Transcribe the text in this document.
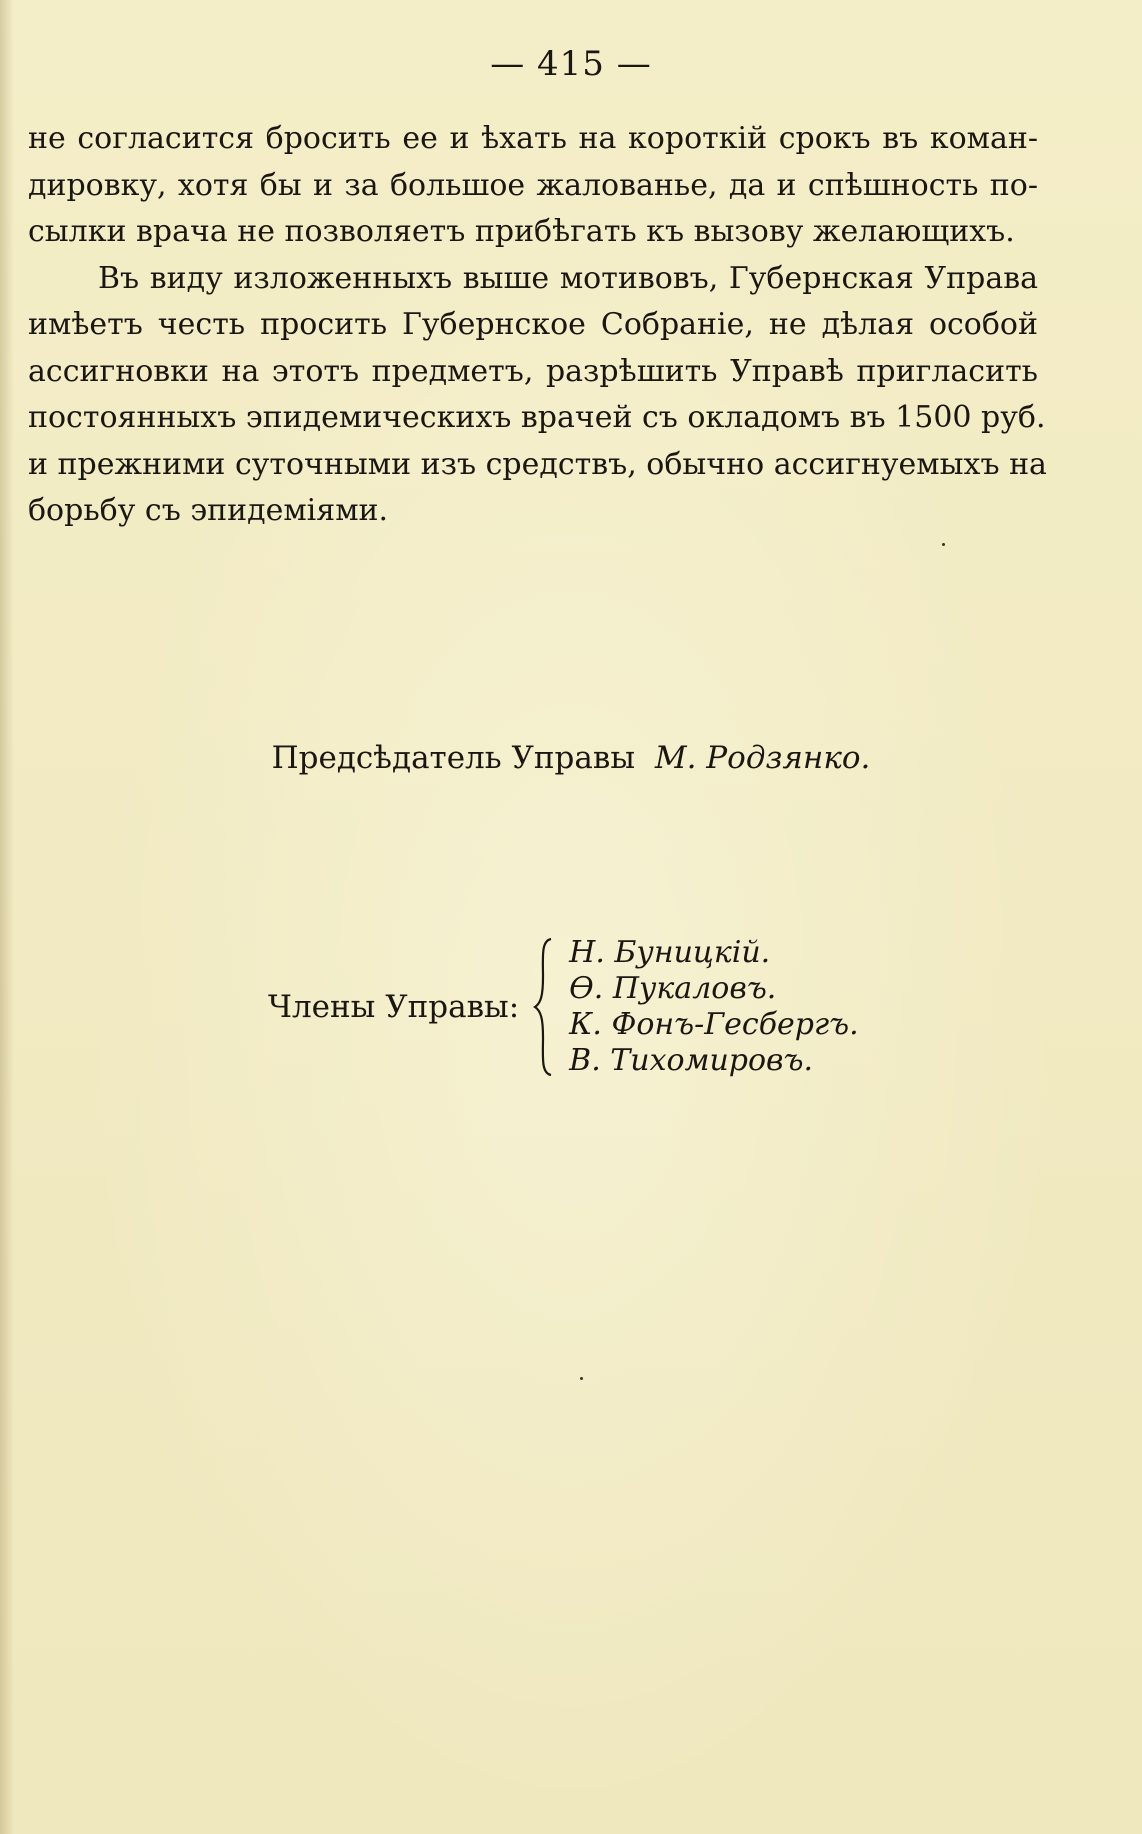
— 415 —
не согласится бросить ее и ѣхать на короткій срокъ въ коман-
дировку, хотя бы и за большое жалованье, да и спѣшность по-
сылки врача не позволяетъ прибѣгать къ вызову желающихъ.
Въ виду изложенныхъ выше мотивовъ, Губернская Управа
имѣетъ честь просить Губернское Собраніе, не дѣлая особой
ассигновки на этотъ предметъ, разрѣшить Управѣ пригласить
постоянныхъ эпидемическихъ врачей съ окладомъ въ 1500 руб.
и прежними суточными изъ средствъ, обычно ассигнуемыхъ на
борьбу съ эпидеміями.
Предсѣдатель Управы М. Родзянко.
Члены Управы:
Н. Буницкій.
Ѳ. Пукаловъ.
К. Фонъ-Гесбергъ.
В. Тихомировъ.
